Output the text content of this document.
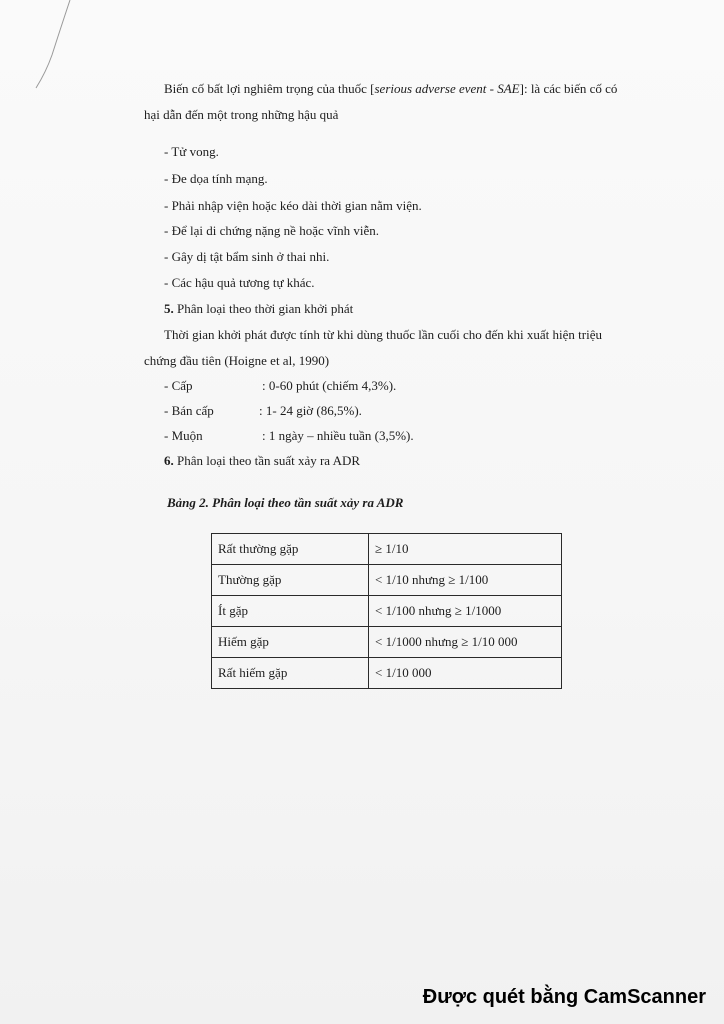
Biến cố bất lợi nghiêm trọng của thuốc [serious adverse event - SAE]: là các biến cố có
hại dẫn đến một trong những hậu quả
- Tử vong.
- Đe dọa tính mạng.
- Phải nhập viện hoặc kéo dài thời gian nằm viện.
- Để lại di chứng nặng nề hoặc vĩnh viễn.
- Gây dị tật bẩm sinh ở thai nhi.
- Các hậu quả tương tự khác.
5. Phân loại theo thời gian khởi phát
Thời gian khởi phát được tính từ khi dùng thuốc lần cuối cho đến khi xuất hiện triệu
chứng đầu tiên (Hoigne et al, 1990)
- Cấp	: 0-60 phút (chiếm 4,3%).
- Bán cấp	: 1- 24 giờ (86,5%).
- Muộn	: 1 ngày – nhiều tuần (3,5%).
6. Phân loại theo tần suất xảy ra ADR
Bảng 2. Phân loại theo tần suất xảy ra ADR
Rất thường gặp	≥ 1/10
Thường gặp	< 1/10 nhưng ≥ 1/100
Ít gặp	< 1/100 nhưng ≥ 1/1000
Hiếm gặp	< 1/1000 nhưng ≥ 1/10 000
Rất hiếm gặp	< 1/10 000
Được quét bằng CamScanner
